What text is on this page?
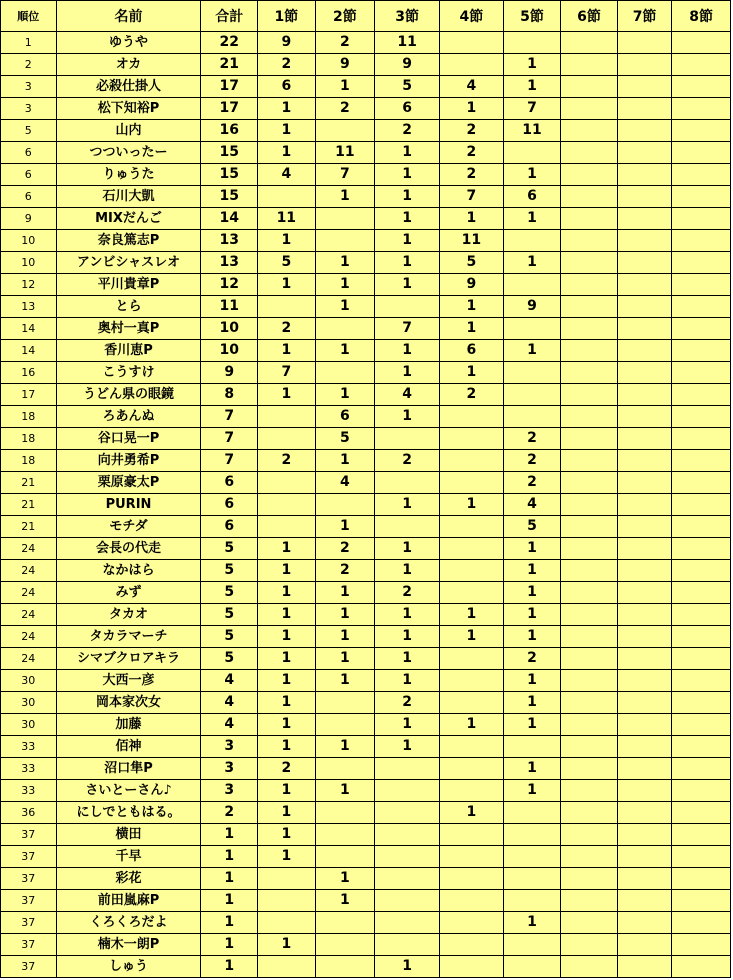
順位	名前	合計	1節	2節	3節	4節	5節	6節	7節	8節
1	ゆうや	22	9	2	11					
2	オカ	21	2	9	9		1			
3	必殺仕掛人	17	6	1	5	4	1			
3	松下知裕P	17	1	2	6	1	7			
5	山内	16	1		2	2	11			
6	つついったー	15	1	11	1	2				
6	りゅうた	15	4	7	1	2	1			
6	石川大凱	15		1	1	7	6			
9	MIXだんご	14	11		1	1	1			
10	奈良篤志P	13	1		1	11				
10	アンビシャスレオ	13	5	1	1	5	1			
12	平川貴章P	12	1	1	1	9				
13	とら	11		1		1	9			
14	奥村一真P	10	2		7	1				
14	香川恵P	10	1	1	1	6	1			
16	こうすけ	9	7		1	1				
17	うどん県の眼鏡	8	1	1	4	2				
18	ろあんぬ	7		6	1					
18	谷口晃一P	7		5			2			
18	向井勇希P	7	2	1	2		2			
21	栗原豪太P	6		4			2			
21	PURIN	6			1	1	4			
21	モチダ	6		1			5			
24	会長の代走	5	1	2	1		1			
24	なかはら	5	1	2	1		1			
24	みず	5	1	1	2		1			
24	タカオ	5	1	1	1	1	1			
24	タカラマーチ	5	1	1	1	1	1			
24	シマブクロアキラ	5	1	1	1		2			
30	大西一彦	4	1	1	1		1			
30	岡本家次女	4	1		2		1			
30	加藤	4	1		1	1	1			
33	佰神	3	1	1	1					
33	沼口隼P	3	2				1			
33	さいとーさん♪	3	1	1			1			
36	にしでともはる。	2	1			1				
37	横田	1	1							
37	千早	1	1							
37	彩花	1		1						
37	前田嵐麻P	1		1						
37	くろくろだよ	1					1			
37	楠木一朗P	1	1							
37	しゅう	1			1					
